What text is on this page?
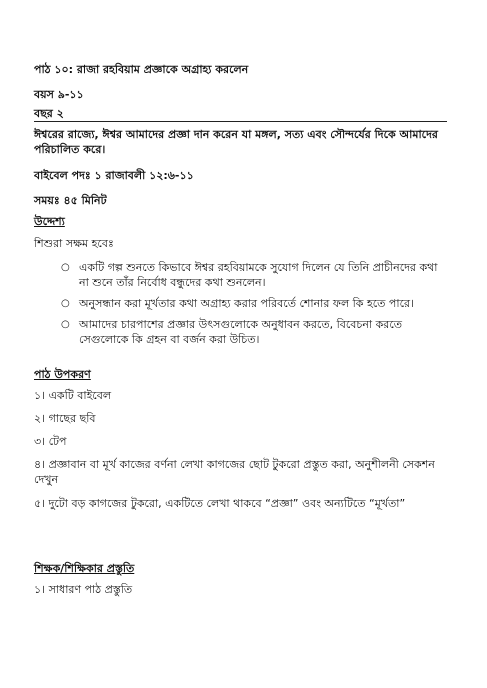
পাঠ ১০: রাজা রহবিয়াম প্রজ্ঞাকে অগ্রাহ্য করলেন

বয়স ৯-১১

বছর ২

ঈশ্বরের রাজ্যে, ঈশ্বর আমাদের প্রজ্ঞা দান করেন যা মঙ্গল, সত্য এবং সৌন্দর্যের দিকে আমাদের পরিচালিত করে।

বাইবেল পদঃ ১ রাজাবলী ১২:৬-১১

সময়ঃ ৪৫ মিনিট

উদ্দেশ্য

শিশুরা সক্ষম হবেঃ

○ একটি গল্প শুনতে কিভাবে ঈশ্বর রহবিয়ামকে সুযোগ দিলেন যে তিনি প্রাচীনদের কথা না শুনে তাঁর নির্বোধ বন্ধুদের কথা শুনলেন।
○ অনুসন্ধান করা মূর্খতার কথা অগ্রাহ্য করার পরিবর্তে শোনার ফল কি হতে পারে।
○ আমাদের চারপাশের প্রজ্ঞার উৎসগুলোকে অনুধাবন করতে, বিবেচনা করতে সেগুলোকে কি গ্রহন বা বর্জন করা উচিত।

পাঠ উপকরণ

১। একটি বাইবেল

২। গাছের ছবি

৩। টেপ

৪। প্রজ্ঞাবান বা মূর্খ কাজের বর্ণনা লেখা কাগজের ছোট টুকরো প্রস্তুত করা, অনুশীলনী সেকশন দেখুন

৫। দুটো বড় কাগজের টুকরো, একটিতে লেখা থাকবে “প্রজ্ঞা” ওবং অন্যটিতে “মূর্খতা”

শিক্ষক/শিক্ষিকার প্রস্তুতি

১। সাধারণ পাঠ প্রস্তুতি
